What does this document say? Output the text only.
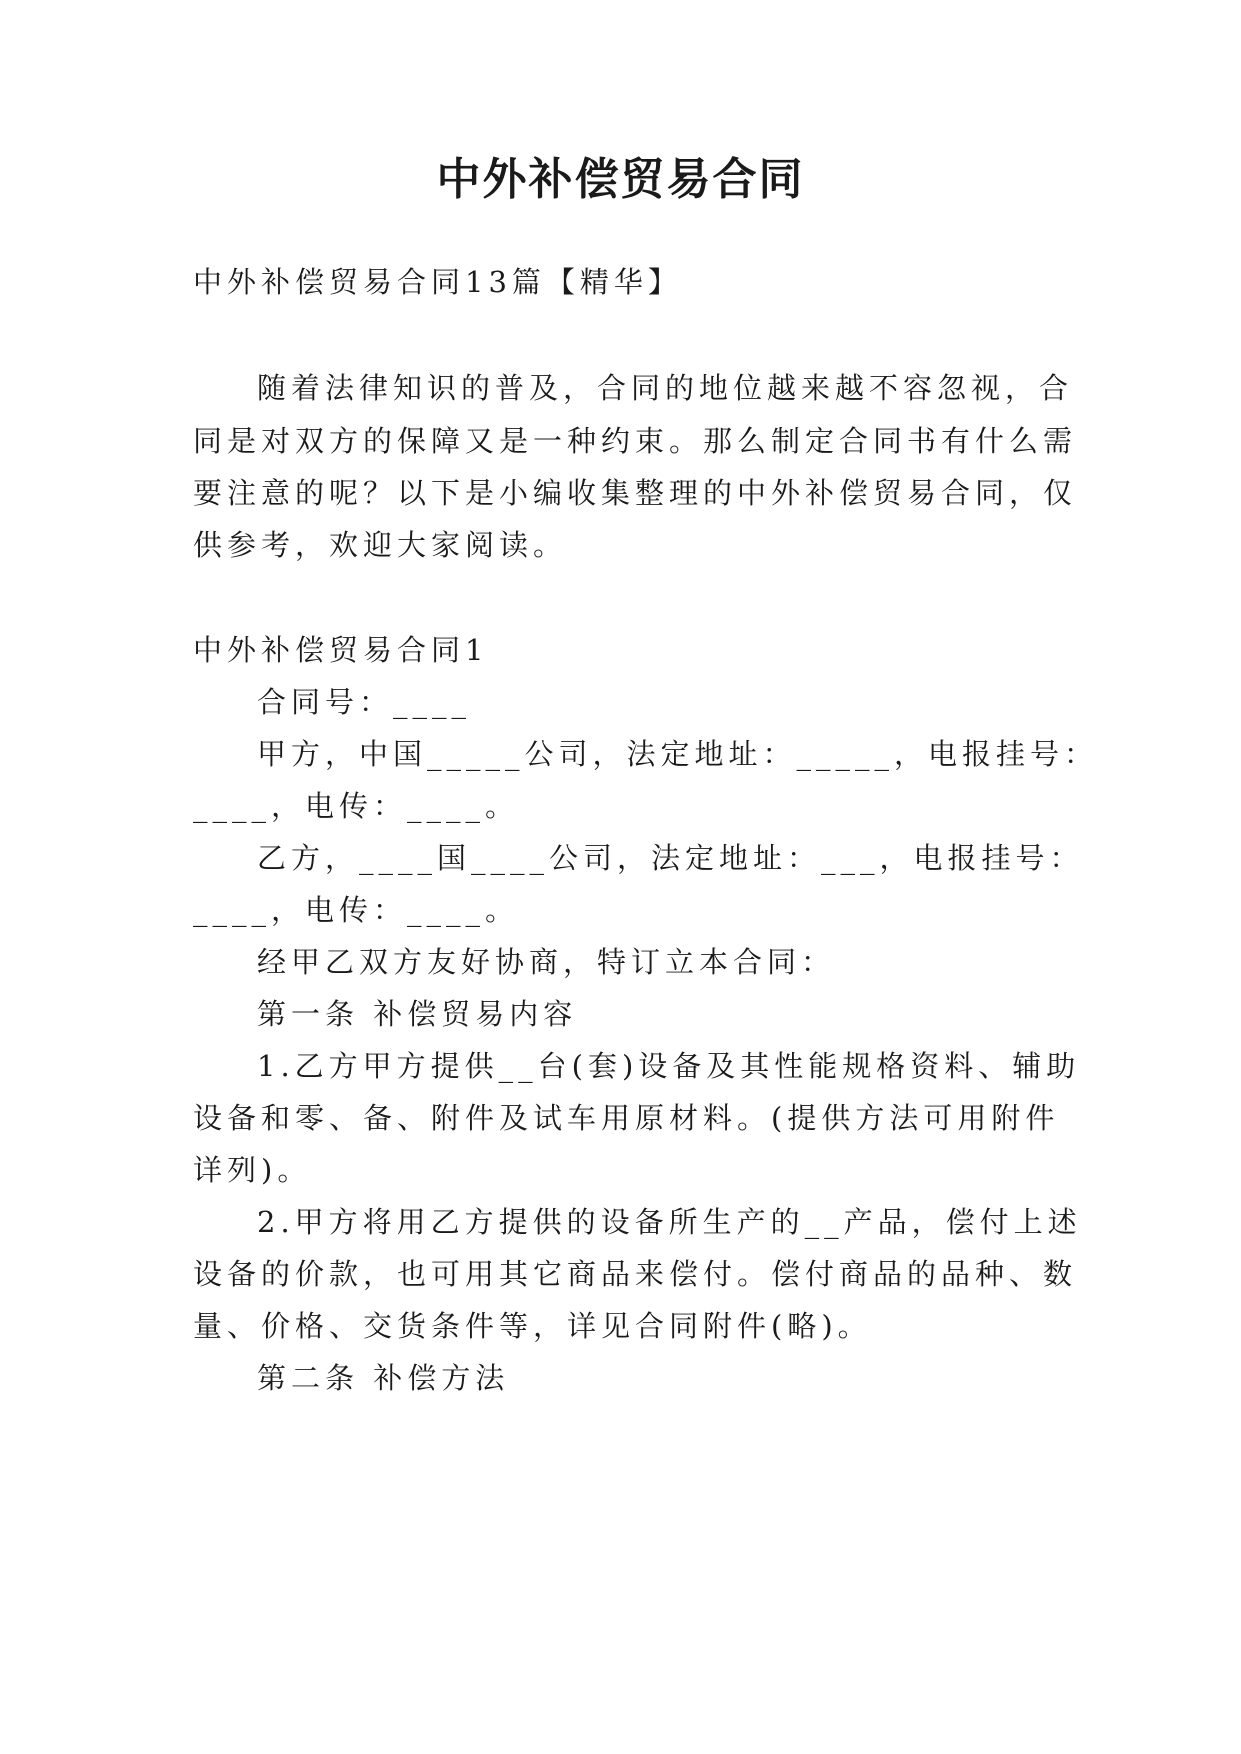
中外补偿贸易合同
中外补偿贸易合同13篇【精华】
随着法律知识的普及，合同的地位越来越不容忽视，合
同是对双方的保障又是一种约束。那么制定合同书有什么需
要注意的呢？以下是小编收集整理的中外补偿贸易合同，仅
供参考，欢迎大家阅读。
中外补偿贸易合同1
合同号：____
甲方，中国_____公司，法定地址：_____，电报挂号：
____，电传：____。
乙方，____国____公司，法定地址：___，电报挂号：
____，电传：____。
经甲乙双方友好协商，特订立本合同：
第一条 补偿贸易内容
1.乙方甲方提供__台(套)设备及其性能规格资料、辅助
设备和零、备、附件及试车用原材料。(提供方法可用附件
详列)。
2.甲方将用乙方提供的设备所生产的__产品，偿付上述
设备的价款，也可用其它商品来偿付。偿付商品的品种、数
量、价格、交货条件等，详见合同附件(略)。
第二条 补偿方法
